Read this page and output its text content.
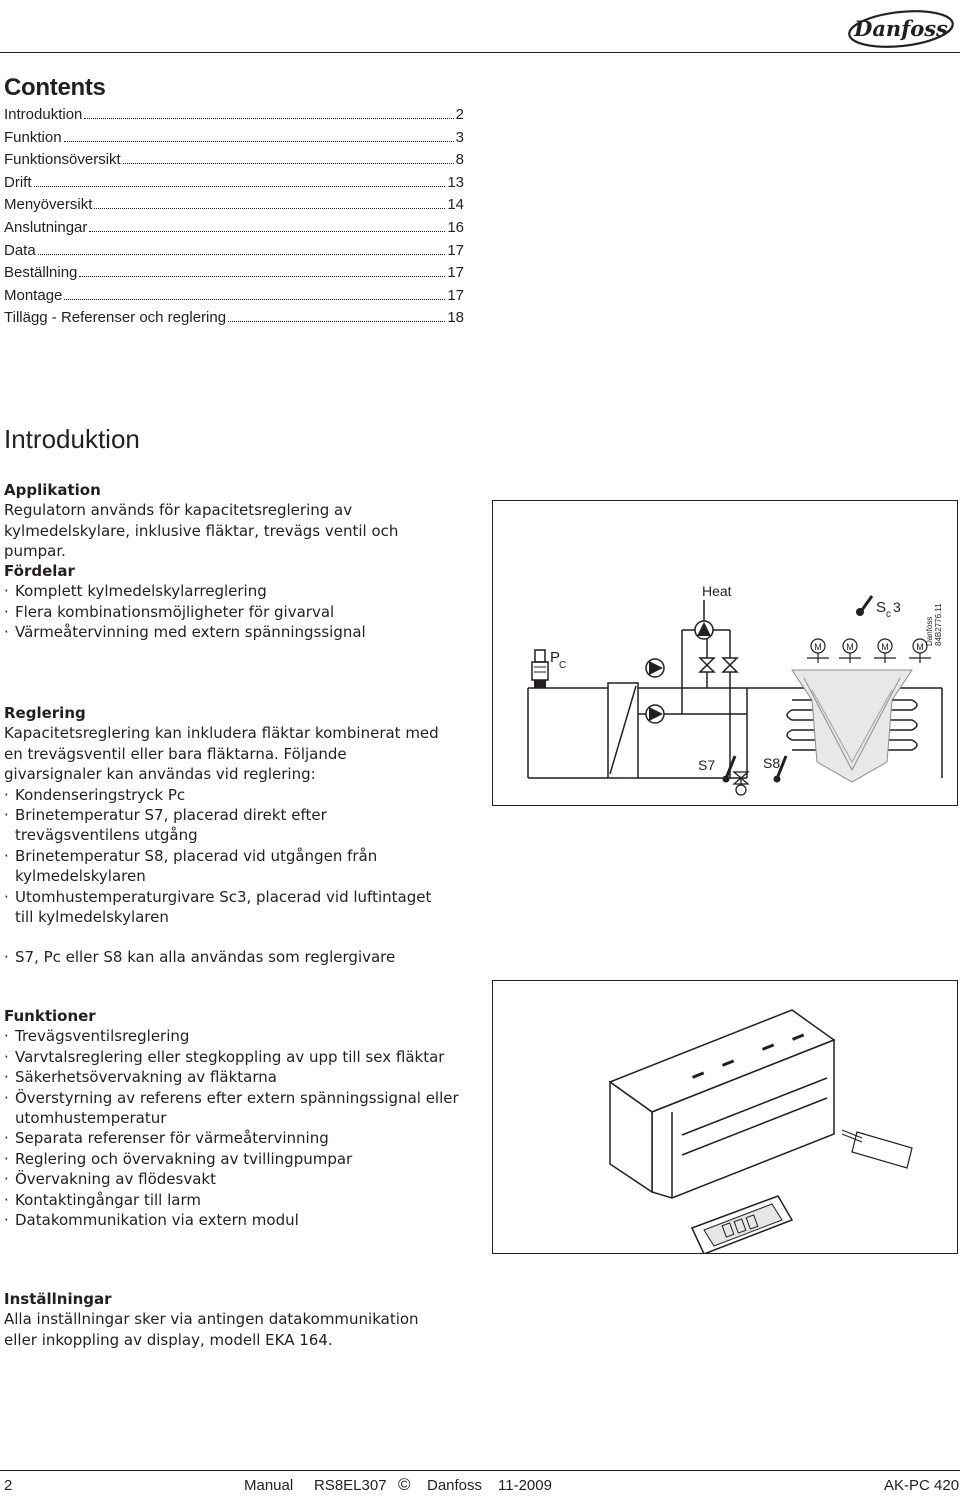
Danfoss
Contents
Introduktion	2
Funktion	3
Funktionsöversikt	8
Drift	13
Menyöversikt	14
Anslutningar	16
Data	17
Beställning	17
Montage	17
Tillägg - Referenser och reglering	18
Introduktion
Applikation

Regulatorn används för kapacitetsreglering av kylmedelskylare, inklusive fläktar, trevägs ventil och pumpar.

Fördelar
· Komplett kylmedelskylarreglering
· Flera kombinationsmöjligheter för givarval
· Värmeåtervinning med extern spänningssignal
Reglering

Kapacitetsreglering kan inkludera fläktar kombinerat med en trevägsventil eller bara fläktarna. Följande givarsignaler kan användas vid reglering:

· Kondenseringstryck Pc
· Brinetemperatur S7, placerad direkt efter trevägsventilens utgång
· Brinetemperatur S8, placerad vid utgången från kylmedelskylaren
· Utomhustemperaturgivare Sc3, placerad vid luftintaget till kylmedelskylaren
· S7, Pc eller S8 kan alla användas som reglergivare
Funktioner
· Trevägsventilsreglering
· Varvtalsreglering eller stegkoppling av upp till sex fläktar
· Säkerhetsövervakning av fläktarna
· Överstyrning av referens efter extern spänningssignal eller utomhustemperatur
· Separata referenser för värmeåtervinning
· Reglering och övervakning av tvillingpumpar
· Övervakning av flödesvakt
· Kontaktingångar till larm
· Datakommunikation via extern modul
Inställningar

Alla inställningar sker via antingen datakommunikation eller inkoppling av display, modell EKA 164.

P
C
Heat
M	M	M	M
S c 3
Danfoss 84B2776.11
S7	S8
2	Manual RS8EL307 © Danfoss 11-2009	AK-PC 420
